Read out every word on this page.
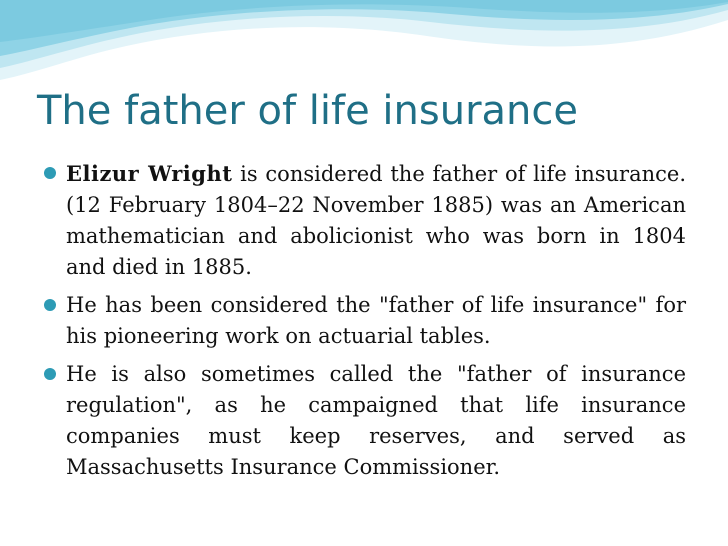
The father of life insurance
Elizur Wright is considered the father of life insurance. (12 February 1804–22 November 1885) was an American mathematician and abolicionist who was born in 1804 and died in 1885.
He has been considered the "father of life insurance" for his pioneering work on actuarial tables.
He is also sometimes called the "father of insurance regulation", as he campaigned that life insurance companies must keep reserves, and served as Massachusetts Insurance Commissioner.
